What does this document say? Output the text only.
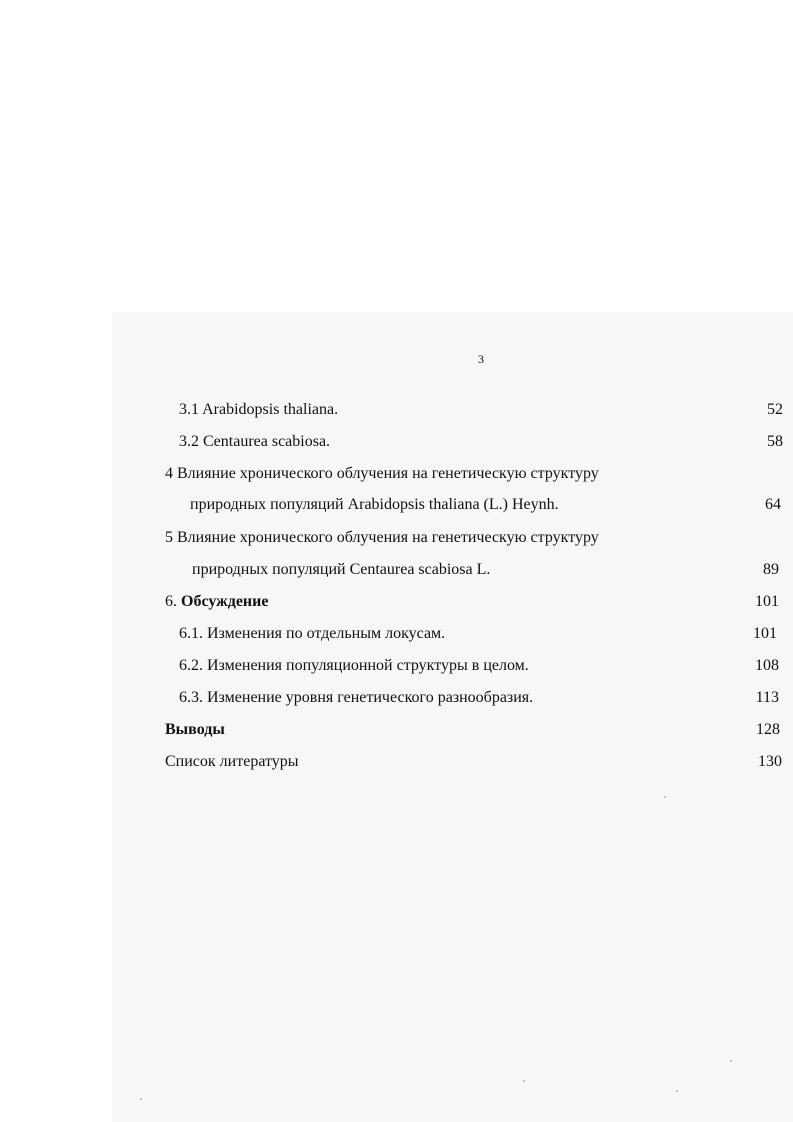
3
3.1 Arabidopsis thaliana.	52
3.2 Centaurea scabiosa.	58
4 Влияние хронического облучения на генетическую структуру
природных популяций Arabidopsis thaliana (L.) Heynh.	64
5 Влияние хронического облучения на генетическую структуру
природных популяций Centaurea scabiosa L.	89
6. Обсуждение	101
6.1. Изменения по отдельным локусам.	101
6.2. Изменения популяционной структуры в целом.	108
6.3. Изменение уровня генетического разнообразия.	113
Выводы	128
Список литературы	130
